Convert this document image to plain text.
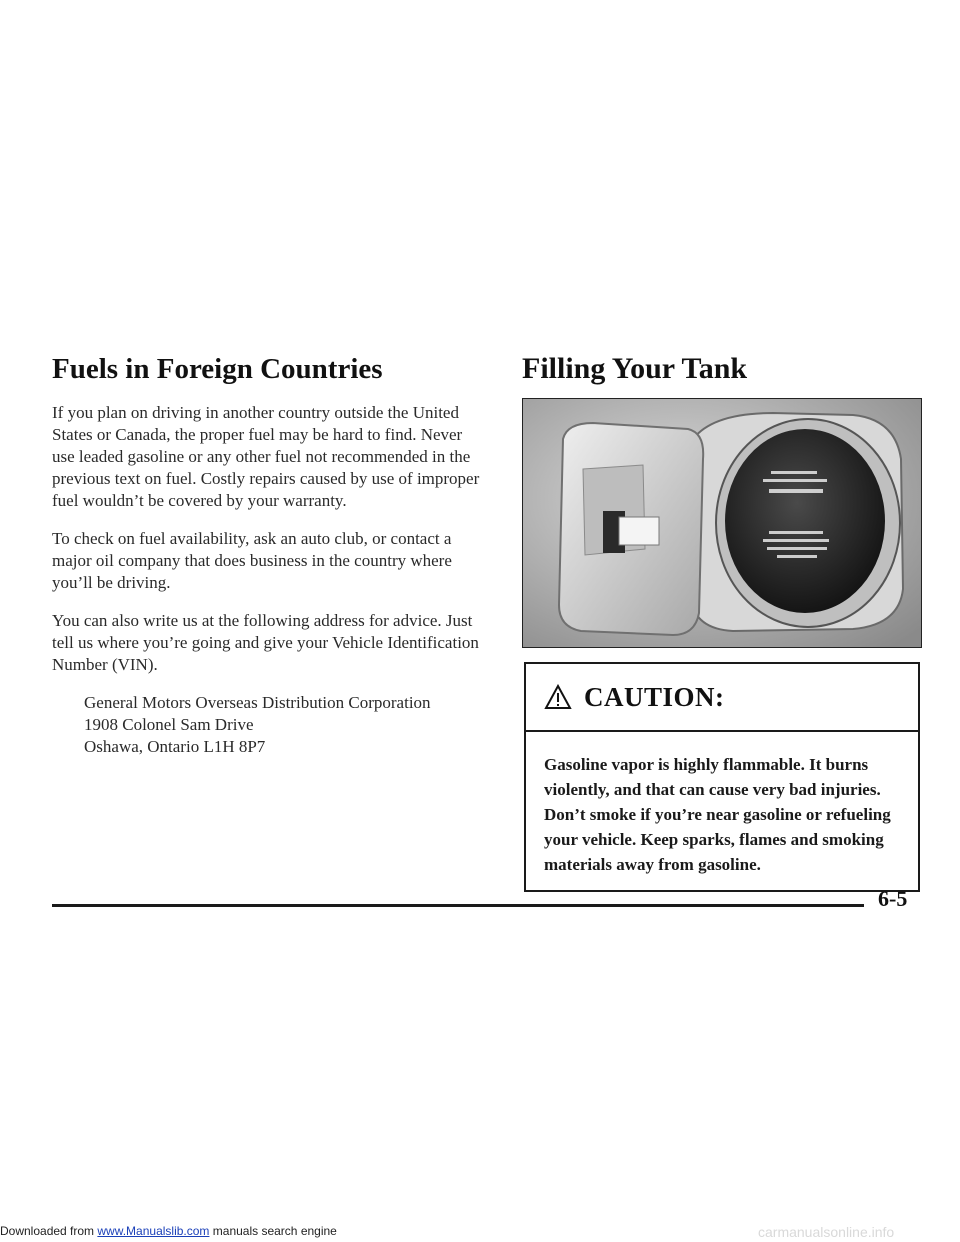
Fuels in Foreign Countries

If you plan on driving in another country outside the United States or Canada, the proper fuel may be hard to find. Never use leaded gasoline or any other fuel not recommended in the previous text on fuel. Costly repairs caused by use of improper fuel wouldn’t be covered by your warranty.

To check on fuel availability, ask an auto club, or contact a major oil company that does business in the country where you’ll be driving.

You can also write us at the following address for advice. Just tell us where you’re going and give your Vehicle Identification Number (VIN).

General Motors Overseas Distribution Corporation
1908 Colonel Sam Drive
Oshawa, Ontario L1H 8P7
Filling Your Tank
CAUTION:
Gasoline vapor is highly flammable. It burns violently, and that can cause very bad injuries. Don’t smoke if you’re near gasoline or refueling your vehicle. Keep sparks, flames and smoking materials away from gasoline.
6-5
Downloaded from www.Manualslib.com manuals search engine	carmanualsonline.info
